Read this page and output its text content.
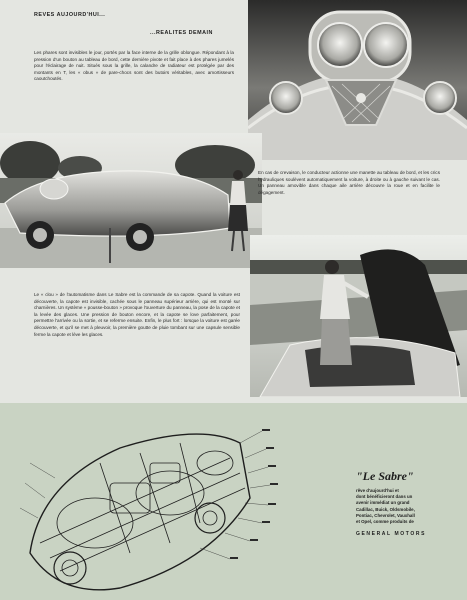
REVES AUJOURD'HUI...
...REALITES DEMAIN
Les phares sont invisibles le jour, portés par la face interne de la grille oblongue. Répondant à la pression d'un bouton au tableau de bord, cette dernière pivote et fait place à des phares jumelés pour l'éclairage de nuit. Situés sous la grille, la calandre de radiateur est protégée par des montants en T, les « obus » de pare-chocs sont des butoirs véritables, avec amortisseurs caoutchoutés.
En cas de crevaison, le conducteur actionne une manette au tableau de bord, et les crics hydrauliques soulèvent automatiquement la voiture, à droite ou à gauche suivant le cas. Un panneau amovible dans chaque aile arrière découvre la roue et en facilite le dégagement.
Le « clou » de l'automatisme dans Le Sabre est la commande de sa capote. Quand la voiture est découverte, la capote est invisible, cachée sous le panneau supérieur arrière, qui est monté sur charnières. Un système « pousse-bouton » provoque l'ouverture du panneau, la pose de la capote et la levée des glaces. Une pression de bouton encore, et la capote se love parfaitement, pour permettre l'arrivée ou la sortie, et se referme ensuite. Enfin, le plus fort : lorsque la voiture est garée découverte, et qu'il se met à pleuvoir, la première goutte de pluie tombant sur une capsule sensible ferme la capote et lève les glaces.
"Le Sabre"
rêve d'aujourd'hui et
dont bénéficieront dans un
avenir immédiat un grand
Cadillac, Buick, Oldsmobile,
Pontiac, Chevrolet, Vauxhall
et Opel, comme produits de
GENERAL MOTORS
